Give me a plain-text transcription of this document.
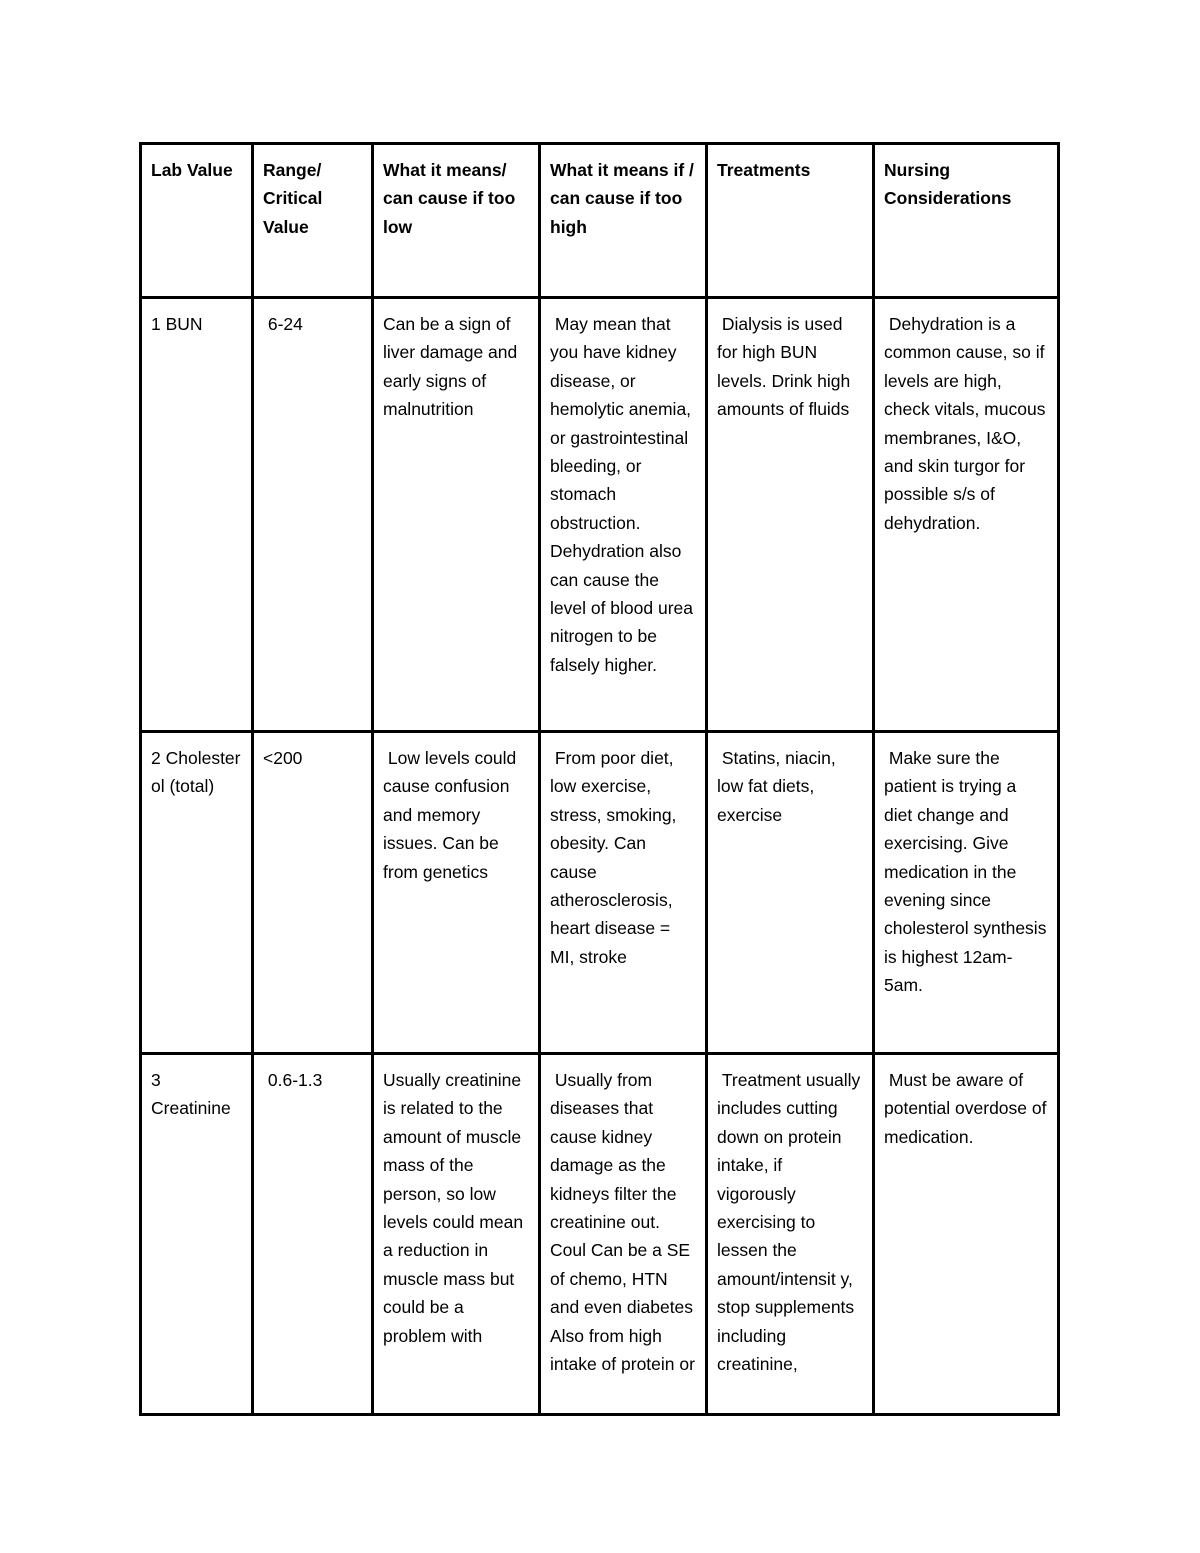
Lab Value	Range/ Critical Value	What it means/ can cause if too low	What it means if / can cause if too high	Treatments	Nursing Considerations
1 BUN	6-24	Can be a sign of liver damage and early signs of malnutrition	May mean that you have kidney disease, or hemolytic anemia, or gastrointestinal bleeding, or stomach obstruction. Dehydration also can cause the level of blood urea nitrogen to be falsely higher.	Dialysis is used for high BUN levels. Drink high amounts of fluids	Dehydration is a common cause, so if levels are high, check vitals, mucous membranes, I&O, and skin turgor for possible s/s of dehydration.
2 Cholester ol (total)	<200	Low levels could cause confusion and memory issues. Can be from genetics	From poor diet, low exercise, stress, smoking, obesity. Can cause atherosclerosis, heart disease = MI, stroke	Statins, niacin, low fat diets, exercise	Make sure the patient is trying a diet change and exercising. Give medication in the evening since cholesterol synthesis is highest 12am-5am.
3 Creatinine	0.6-1.3	Usually creatinine is related to the amount of muscle mass of the person, so low levels could mean a reduction in muscle mass but could be a problem with	Usually from diseases that cause kidney damage as the kidneys filter the creatinine out. Coul Can be a SE of chemo, HTN and even diabetes Also from high intake of protein or	Treatment usually includes cutting down on protein intake, if vigorously exercising to lessen the amount/intensit y, stop supplements including creatinine,	Must be aware of potential overdose of medication.
